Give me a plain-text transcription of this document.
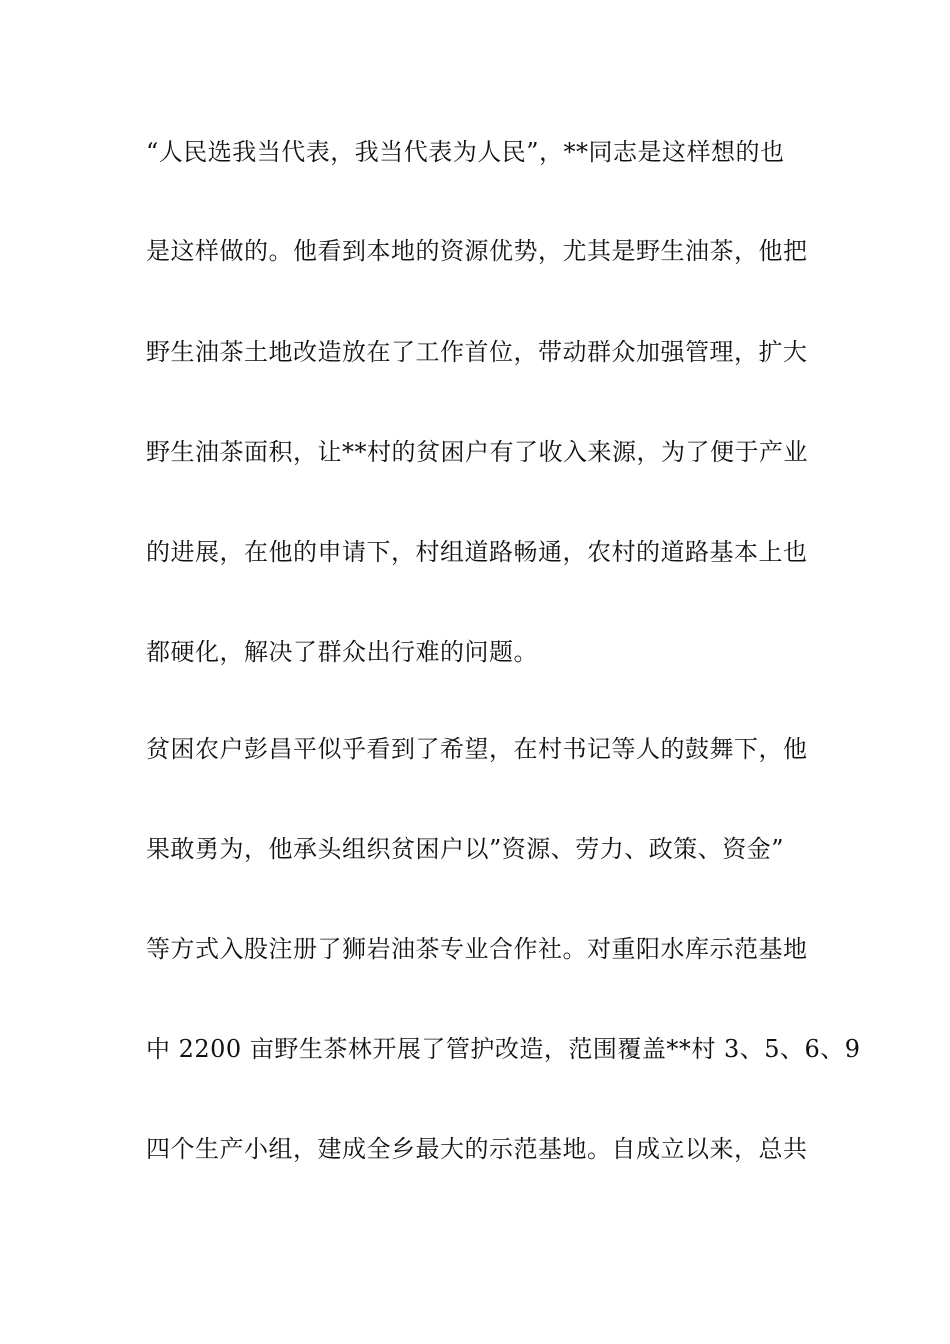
“人民选我当代表，我当代表为人民”，**同志是这样想的也
是这样做的。他看到本地的资源优势，尤其是野生油茶，他把
野生油茶土地改造放在了工作首位，带动群众加强管理，扩大
野生油茶面积，让**村的贫困户有了收入来源，为了便于产业
的进展，在他的申请下，村组道路畅通，农村的道路基本上也
都硬化，解决了群众出行难的问题。
贫困农户彭昌平似乎看到了希望，在村书记等人的鼓舞下，他
果敢勇为，他承头组织贫困户以”资源、劳力、政策、资金”
等方式入股注册了狮岩油茶专业合作社。对重阳水库示范基地
中 2200 亩野生茶林开展了管护改造，范围覆盖**村 3、5、6、9
四个生产小组，建成全乡最大的示范基地。自成立以来，总共
